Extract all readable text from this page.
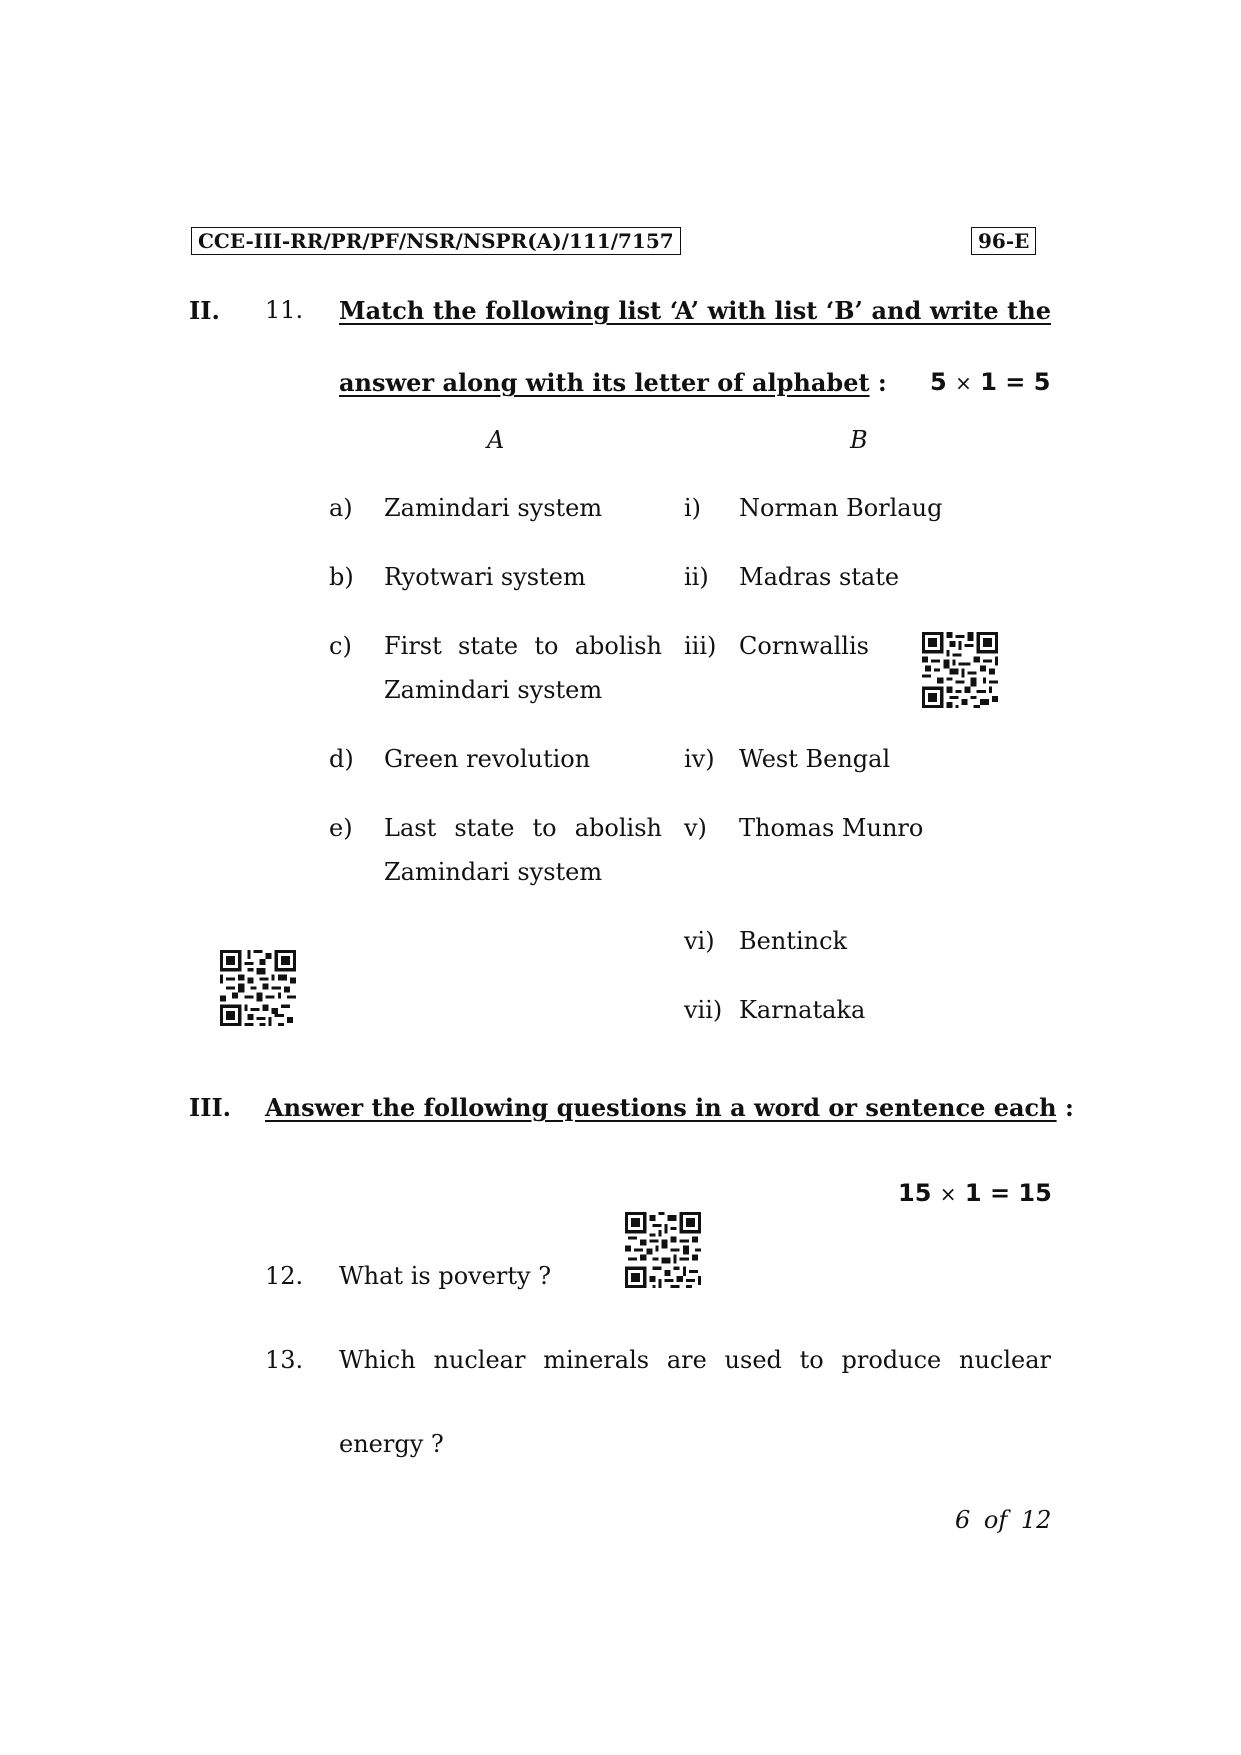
CCE-III-RR/PR/PF/NSR/NSPR(A)/111/7157	96-E
II. 11. Match the following list ‘A’ with list ‘B’ and write the
answer along with its letter of alphabet : 5 × 1 = 5
A	B
a) Zamindari system
b) Ryotwari system
c) First state to abolish
Zamindari system
d) Green revolution
e) Last state to abolish
Zamindari system
i) Norman Borlaug
ii) Madras state
iii) Cornwallis
iv) West Bengal
v) Thomas Munro
vi) Bentinck
vii) Karnataka
III. Answer the following questions in a word or sentence each :
15 × 1 = 15
12. What is poverty ?
13. Which nuclear minerals are used to produce nuclear
energy ?
6 of 12
